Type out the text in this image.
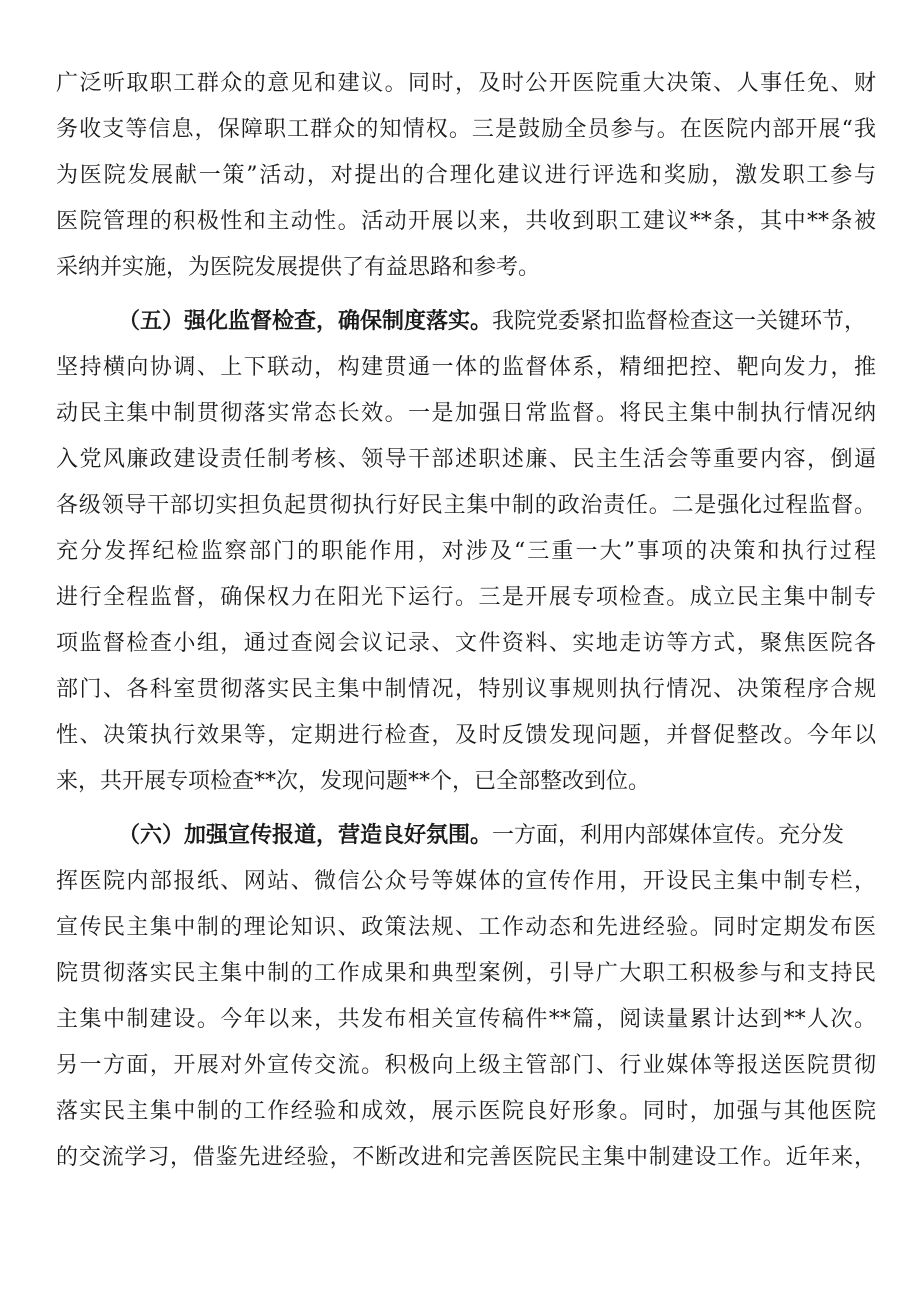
广泛听取职工群众的意见和建议。同时，及时公开医院重大决策、人事任免、财
务收支等信息，保障职工群众的知情权。三是鼓励全员参与。在医院内部开展“我
为医院发展献一策”活动，对提出的合理化建议进行评选和奖励，激发职工参与
医院管理的积极性和主动性。活动开展以来，共收到职工建议**条，其中**条被
采纳并实施，为医院发展提供了有益思路和参考。
（五）强化监督检查，确保制度落实。我院党委紧扣监督检查这一关键环节，
坚持横向协调、上下联动，构建贯通一体的监督体系，精细把控、靶向发力，推
动民主集中制贯彻落实常态长效。一是加强日常监督。将民主集中制执行情况纳
入党风廉政建设责任制考核、领导干部述职述廉、民主生活会等重要内容，倒逼
各级领导干部切实担负起贯彻执行好民主集中制的政治责任。二是强化过程监督。
充分发挥纪检监察部门的职能作用，对涉及“三重一大”事项的决策和执行过程
进行全程监督，确保权力在阳光下运行。三是开展专项检查。成立民主集中制专
项监督检查小组，通过查阅会议记录、文件资料、实地走访等方式，聚焦医院各
部门、各科室贯彻落实民主集中制情况，特别议事规则执行情况、决策程序合规
性、决策执行效果等，定期进行检查，及时反馈发现问题，并督促整改。今年以
来，共开展专项检查**次，发现问题**个，已全部整改到位。
（六）加强宣传报道，营造良好氛围。一方面，利用内部媒体宣传。充分发
挥医院内部报纸、网站、微信公众号等媒体的宣传作用，开设民主集中制专栏，
宣传民主集中制的理论知识、政策法规、工作动态和先进经验。同时定期发布医
院贯彻落实民主集中制的工作成果和典型案例，引导广大职工积极参与和支持民
主集中制建设。今年以来，共发布相关宣传稿件**篇，阅读量累计达到**人次。
另一方面，开展对外宣传交流。积极向上级主管部门、行业媒体等报送医院贯彻
落实民主集中制的工作经验和成效，展示医院良好形象。同时，加强与其他医院
的交流学习，借鉴先进经验，不断改进和完善医院民主集中制建设工作。近年来，
